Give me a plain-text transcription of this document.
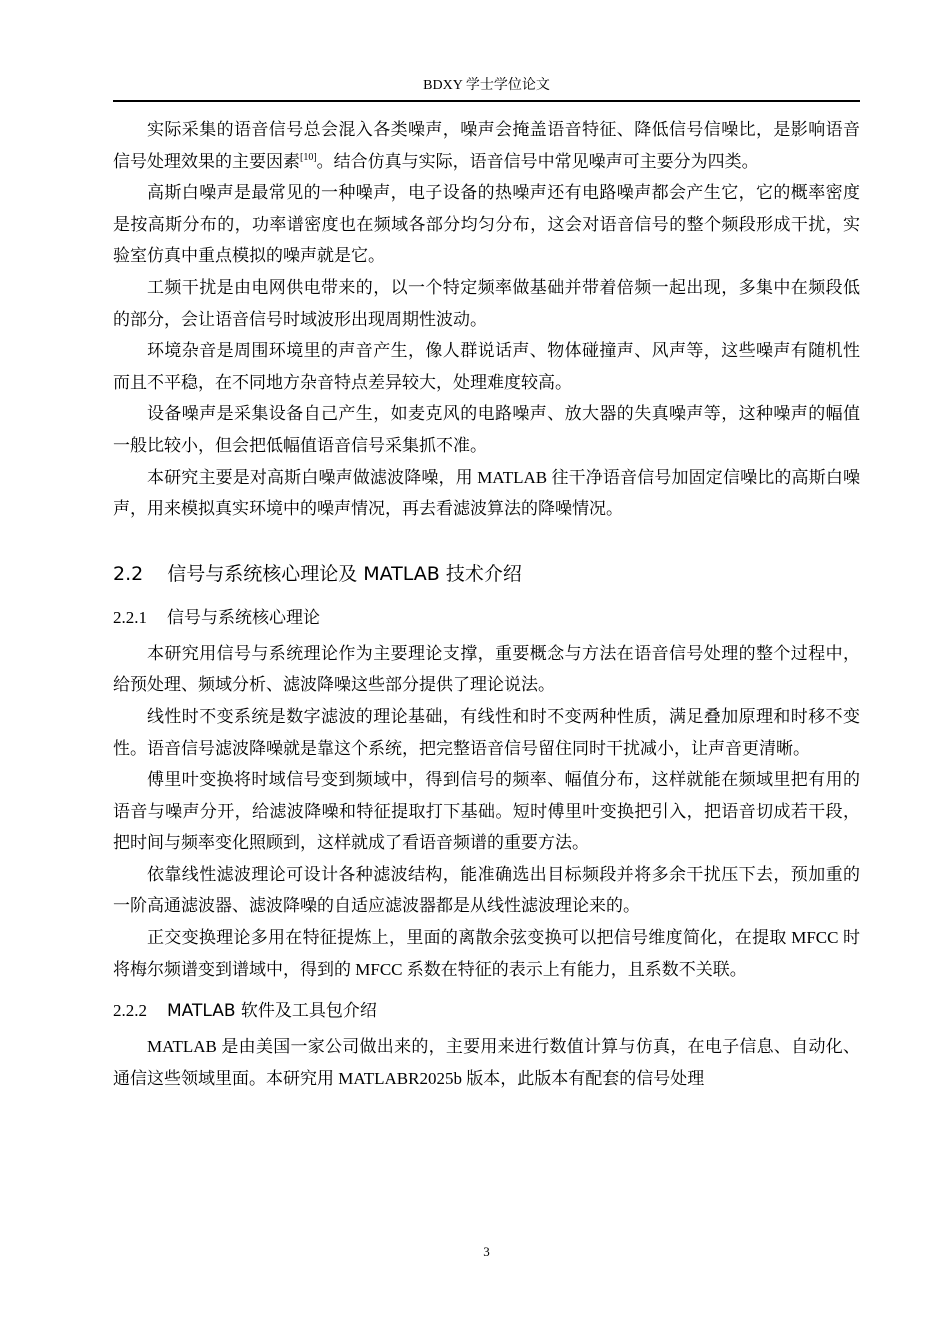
BDXY 学士学位论文

实际采集的语音信号总会混入各类噪声，噪声会掩盖语音特征、降低信号信噪比，是影响语音信号处理效果的主要因素[10]。结合仿真与实际，语音信号中常见噪声可主要分为四类。

高斯白噪声是最常见的一种噪声，电子设备的热噪声还有电路噪声都会产生它，它的概率密度是按高斯分布的，功率谱密度也在频域各部分均匀分布，这会对语音信号的整个频段形成干扰，实验室仿真中重点模拟的噪声就是它。

工频干扰是由电网供电带来的，以一个特定频率做基础并带着倍频一起出现，多集中在频段低的部分，会让语音信号时域波形出现周期性波动。

环境杂音是周围环境里的声音产生，像人群说话声、物体碰撞声、风声等，这些噪声有随机性而且不平稳，在不同地方杂音特点差异较大，处理难度较高。

设备噪声是采集设备自己产生，如麦克风的电路噪声、放大器的失真噪声等，这种噪声的幅值一般比较小，但会把低幅值语音信号采集抓不准。

本研究主要是对高斯白噪声做滤波降噪，用 MATLAB 往干净语音信号加固定信噪比的高斯白噪声，用来模拟真实环境中的噪声情况，再去看滤波算法的降噪情况。

2.2 信号与系统核心理论及 MATLAB 技术介绍
2.2.1 信号与系统核心理论

本研究用信号与系统理论作为主要理论支撑，重要概念与方法在语音信号处理的整个过程中，给预处理、频域分析、滤波降噪这些部分提供了理论说法。

线性时不变系统是数字滤波的理论基础，有线性和时不变两种性质，满足叠加原理和时移不变性。语音信号滤波降噪就是靠这个系统，把完整语音信号留住同时干扰减小，让声音更清晰。

傅里叶变换将时域信号变到频域中，得到信号的频率、幅值分布，这样就能在频域里把有用的语音与噪声分开，给滤波降噪和特征提取打下基础。短时傅里叶变换把引入，把语音切成若干段，把时间与频率变化照顾到，这样就成了看语音频谱的重要方法。

依靠线性滤波理论可设计各种滤波结构，能准确选出目标频段并将多余干扰压下去，预加重的一阶高通滤波器、滤波降噪的自适应滤波器都是从线性滤波理论来的。

正交变换理论多用在特征提炼上，里面的离散余弦变换可以把信号维度简化，在提取 MFCC 时将梅尔频谱变到谱域中，得到的 MFCC 系数在特征的表示上有能力，且系数不关联。

2.2.2 MATLAB 软件及工具包介绍

MATLAB 是由美国一家公司做出来的，主要用来进行数值计算与仿真，在电子信息、自动化、通信这些领域里面。本研究用 MATLABR2025b 版本，此版本有配套的信号处理

3
